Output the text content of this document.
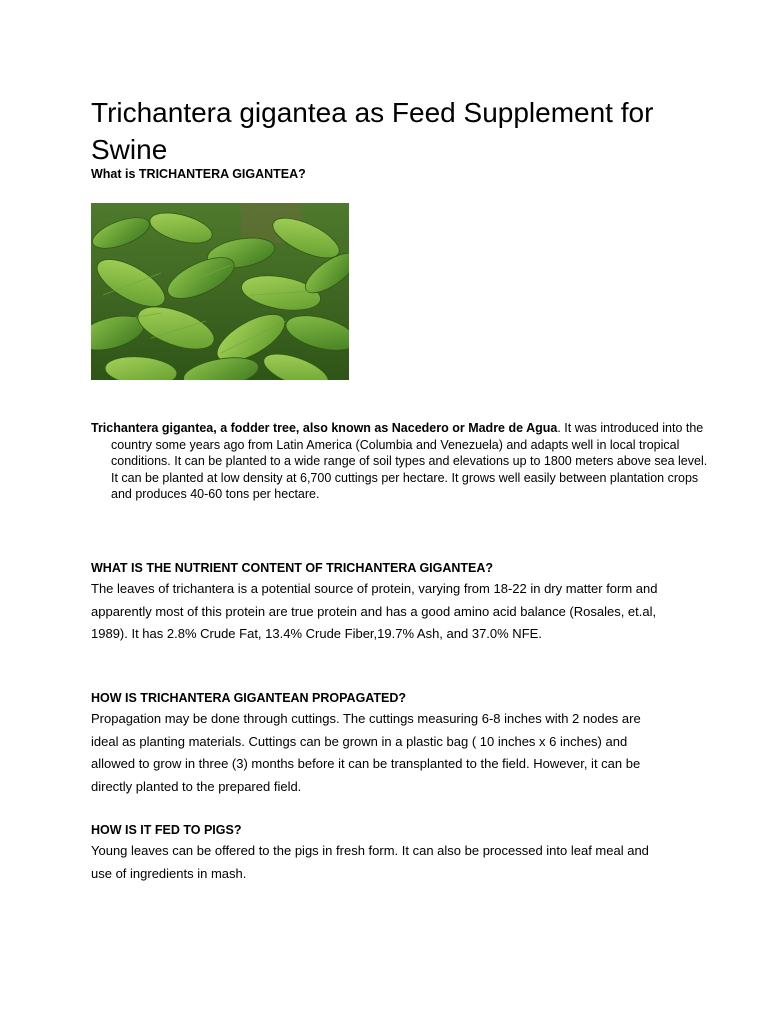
Trichantera gigantea as Feed Supplement for Swine
What is TRICHANTERA GIGANTEA?

Trichantera gigantea, a fodder tree, also known as Nacedero or Madre de Agua. It was introduced into the country some years ago from Latin America (Columbia and Venezuela) and adapts well in local tropical conditions. It can be planted to a wide range of soil types and elevations up to 1800 meters above sea level. It can be planted at low density at 6,700 cuttings per hectare. It grows well easily between plantation crops and produces 40-60 tons per hectare.

WHAT IS THE NUTRIENT CONTENT OF TRICHANTERA GIGANTEA?

The leaves of trichantera is a potential source of protein, varying from 18-22 in dry matter form and apparently most of this protein are true protein and has a good amino acid balance (Rosales, et.al, 1989). It has 2.8% Crude Fat, 13.4% Crude Fiber,19.7% Ash, and 37.0% NFE.

HOW IS TRICHANTERA GIGANTEAN PROPAGATED?

Propagation may be done through cuttings. The cuttings measuring 6-8 inches with 2 nodes are ideal as planting materials. Cuttings can be grown in a plastic bag ( 10 inches x 6 inches) and allowed to grow in three (3) months before it can be transplanted to the field. However, it can be directly planted to the prepared field.

HOW IS IT FED TO PIGS?

Young leaves can be offered to the pigs in fresh form. It can also be processed into leaf meal and use of ingredients in mash.
